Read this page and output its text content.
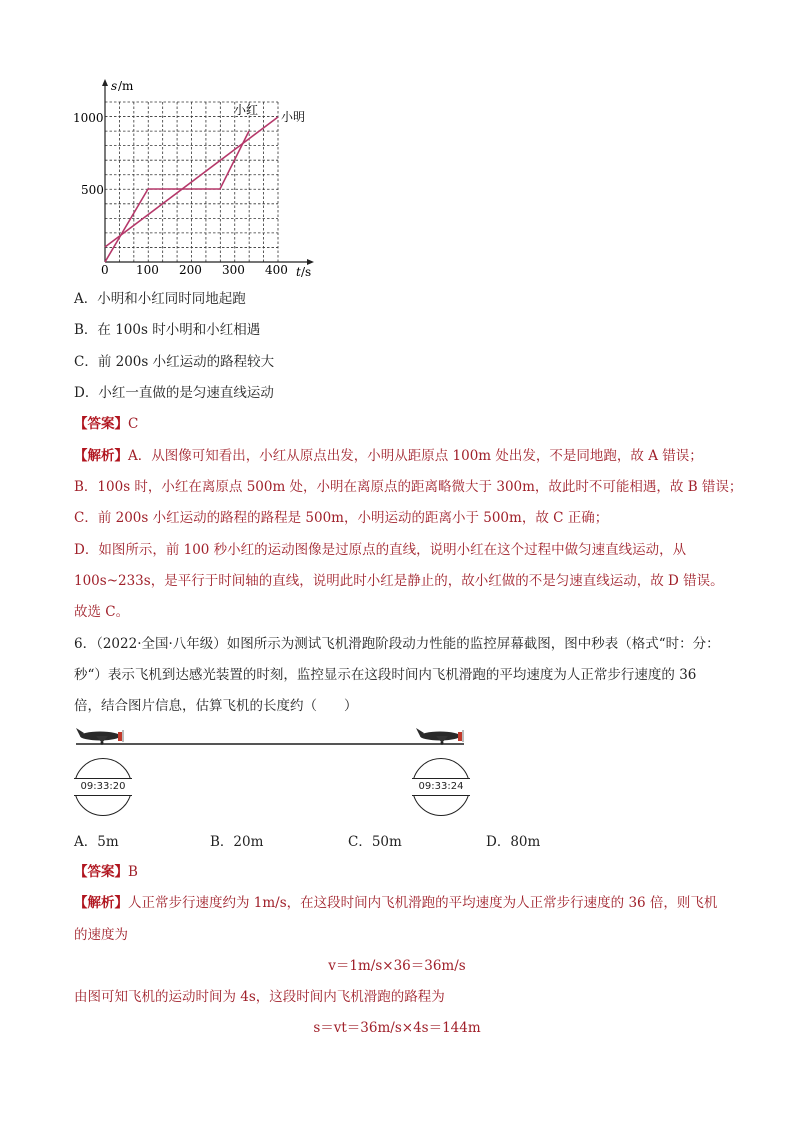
s /m
1000
500
0 100 200 300 400 t /s
小红 小明
A．小明和小红同时同地起跑
B．在 100s 时小明和小红相遇
C．前 200s 小红运动的路程较大
D．小红一直做的是匀速直线运动
【答案】C
【解析】A．从图像可知看出，小红从原点出发，小明从距原点 100m 处出发，不是同地跑，故 A 错误；
B．100s 时，小红在离原点 500m 处，小明在离原点的距离略微大于 300m，故此时不可能相遇，故 B 错误；
C．前 200s 小红运动的路程的路程是 500m，小明运动的距离小于 500m，故 C 正确；
D．如图所示，前 100 秒小红的运动图像是过原点的直线，说明小红在这个过程中做匀速直线运动，从
100s~233s，是平行于时间轴的直线，说明此时小红是静止的，故小红做的不是匀速直线运动，故 D 错误。
故选 C。
6．（2022·全国·八年级）如图所示为测试飞机滑跑阶段动力性能的监控屏幕截图，图中秒表（格式“时：分：
秒“）表示飞机到达感光装置的时刻，监控显示在这段时间内飞机滑跑的平均速度为人正常步行速度的 36
倍，结合图片信息，估算飞机的长度约（　　）
09:33:20	09:33:24
A．5m	B．20m	C．50m	D．80m
【答案】B
【解析】人正常步行速度约为 1m/s，在这段时间内飞机滑跑的平均速度为人正常步行速度的 36 倍，则飞机
的速度为
v＝1m/s×36＝36m/s
由图可知飞机的运动时间为 4s，这段时间内飞机滑跑的路程为
s＝vt＝36m/s×4s＝144m
